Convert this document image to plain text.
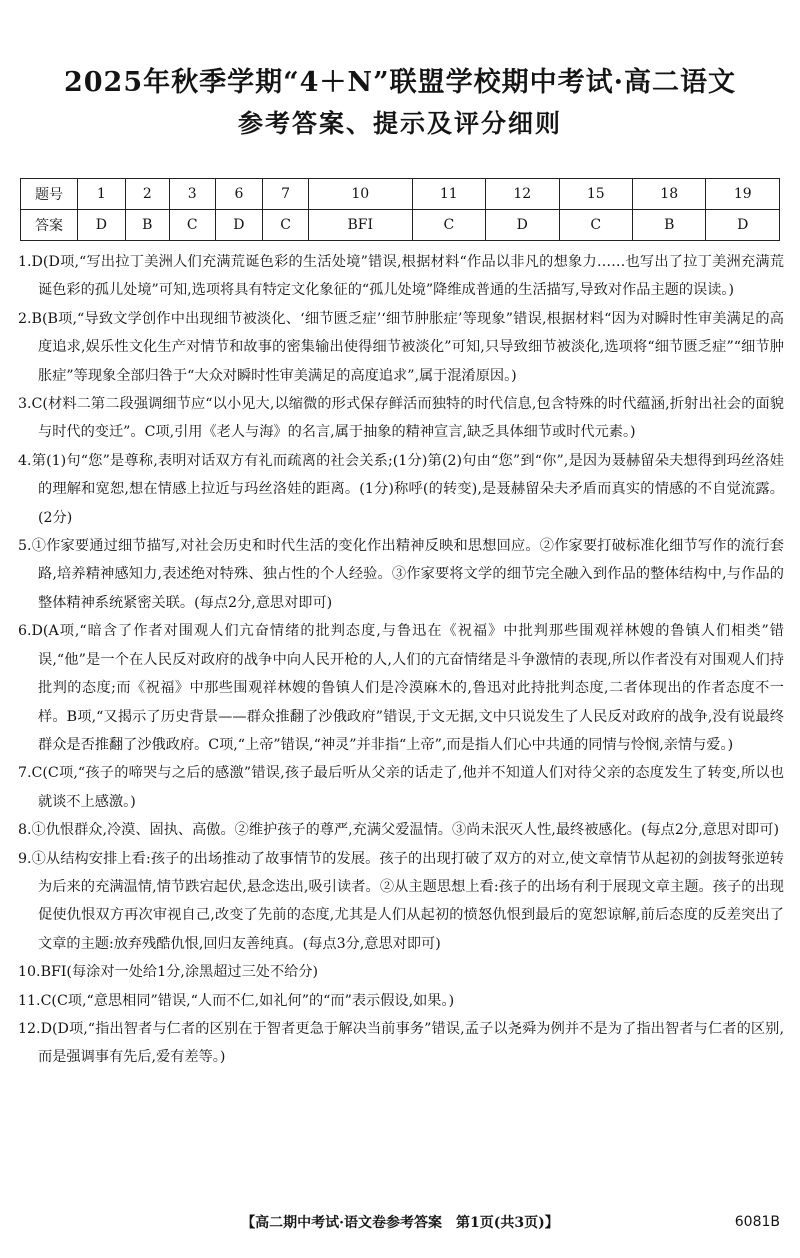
2025年秋季学期“4＋N”联盟学校期中考试·高二语文
参考答案、提示及评分细则
题号	1	2	3	6	7	10	11	12	15	18	19
答案	D	B	C	D	C	BFI	C	D	C	B	D

1.D(D项,“写出拉丁美洲人们充满荒诞色彩的生活处境”错误,根据材料“作品以非凡的想象力……也写出了拉丁美洲充满荒诞色彩的孤儿处境”可知,选项将具有特定文化象征的“孤儿处境”降维成普通的生活描写,导致对作品主题的误读。)

2.B(B项,“导致文学创作中出现细节被淡化、‘细节匮乏症’‘细节肿胀症’等现象”错误,根据材料“因为对瞬时性审美满足的高度追求,娱乐性文化生产对情节和故事的密集输出使得细节被淡化”可知,只导致细节被淡化,选项将“细节匮乏症”“细节肿胀症”等现象全部归咎于“大众对瞬时性审美满足的高度追求”,属于混淆原因。)

3.C(材料二第二段强调细节应“以小见大,以缩微的形式保存鲜活而独特的时代信息,包含特殊的时代蕴涵,折射出社会的面貌与时代的变迁”。C项,引用《老人与海》的名言,属于抽象的精神宣言,缺乏具体细节或时代元素。)

4.第(1)句“您”是尊称,表明对话双方有礼而疏离的社会关系;(1分)第(2)句由“您”到“你”,是因为聂赫留朵夫想得到玛丝洛娃的理解和宽恕,想在情感上拉近与玛丝洛娃的距离。(1分)称呼(的转变),是聂赫留朵夫矛盾而真实的情感的不自觉流露。(2分)

5.①作家要通过细节描写,对社会历史和时代生活的变化作出精神反映和思想回应。②作家要打破标准化细节写作的流行套路,培养精神感知力,表述绝对特殊、独占性的个人经验。③作家要将文学的细节完全融入到作品的整体结构中,与作品的整体精神系统紧密关联。(每点2分,意思对即可)

6.D(A项,“暗含了作者对围观人们亢奋情绪的批判态度,与鲁迅在《祝福》中批判那些围观祥林嫂的鲁镇人们相类”错误,“他”是一个在人民反对政府的战争中向人民开枪的人,人们的亢奋情绪是斗争激情的表现,所以作者没有对围观人们持批判的态度;而《祝福》中那些围观祥林嫂的鲁镇人们是冷漠麻木的,鲁迅对此持批判态度,二者体现出的作者态度不一样。B项,“又揭示了历史背景——群众推翻了沙俄政府”错误,于文无据,文中只说发生了人民反对政府的战争,没有说最终群众是否推翻了沙俄政府。C项,“上帝”错误,“神灵”并非指“上帝”,而是指人们心中共通的同情与怜悯,亲情与爱。)

7.C(C项,“孩子的啼哭与之后的感激”错误,孩子最后听从父亲的话走了,他并不知道人们对待父亲的态度发生了转变,所以也就谈不上感激。)

8.①仇恨群众,冷漠、固执、高傲。②维护孩子的尊严,充满父爱温情。③尚未泯灭人性,最终被感化。(每点2分,意思对即可)

9.①从结构安排上看:孩子的出场推动了故事情节的发展。孩子的出现打破了双方的对立,使文章情节从起初的剑拔弩张逆转为后来的充满温情,情节跌宕起伏,悬念迭出,吸引读者。②从主题思想上看:孩子的出场有利于展现文章主题。孩子的出现促使仇恨双方再次审视自己,改变了先前的态度,尤其是人们从起初的愤怒仇恨到最后的宽恕谅解,前后态度的反差突出了文章的主题:放弃残酷仇恨,回归友善纯真。(每点3分,意思对即可)

10.BFI(每涂对一处给1分,涂黑超过三处不给分)

11.C(C项,“意思相同”错误,“人而不仁,如礼何”的“而”表示假设,如果。)

12.D(D项,“指出智者与仁者的区别在于智者更急于解决当前事务”错误,孟子以尧舜为例并不是为了指出智者与仁者的区别,而是强调事有先后,爱有差等。)

【高二期中考试·语文卷参考答案　第1页(共3页)】	6081B
